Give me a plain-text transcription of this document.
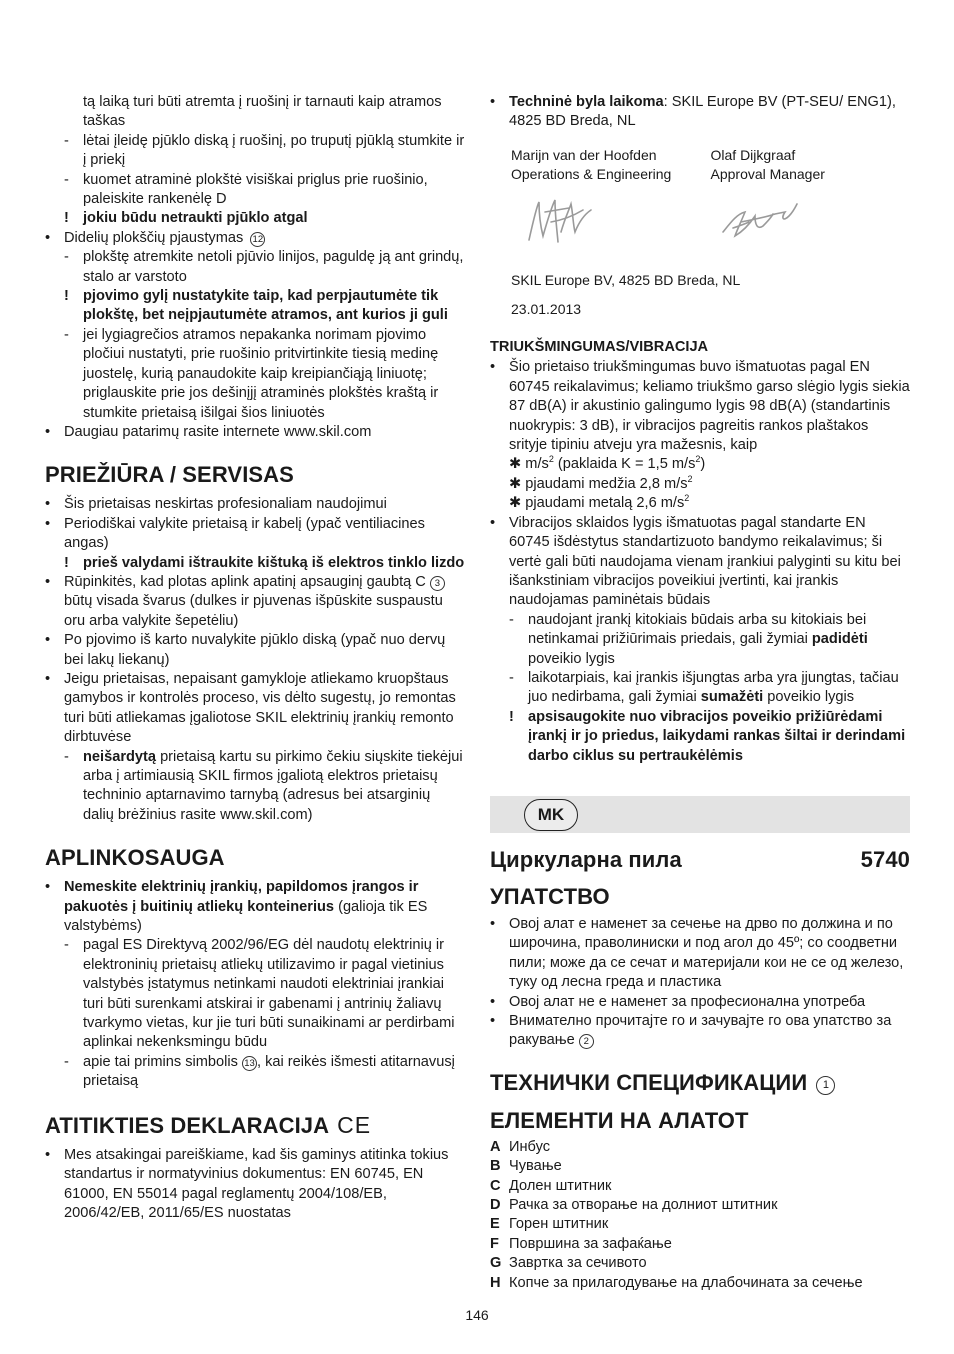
tą laiką turi būti atremta į ruošinį ir tarnauti kaip atramos taškas
- lėtai įleidę pjūklo diską į ruošinį, po truputį pjūklą stumkite ir į priekį
- kuomet atraminė plokštė visiškai priglus prie ruošinio, paleiskite rankenėlę D
! jokiu būdu netraukti pjūklo atgal
• Didelių plokščių pjaustymas 12
- plokštę atremkite netoli pjūvio linijos, paguldę ją ant grindų, stalo ar varstoto
! pjovimo gylį nustatykite taip, kad perpjautumėte tik plokštę, bet neįpjautumėte atramos, ant kurios ji guli
- jei lygiagrečios atramos nepakanka norimam pjovimo pločiui nustatyti, prie ruošinio pritvirtinkite tiesią medinę juostelę, kurią panaudokite kaip kreipiančiąją liniuotę; priglauskite prie jos dešinįjį atraminės plokštės kraštą ir stumkite prietaisą išilgai šios liniuotės
• Daugiau patarimų rasite internete www.skil.com
PRIEŽIŪRA / SERVISAS
• Šis prietaisas neskirtas profesionaliam naudojimui
• Periodiškai valykite prietaisą ir kabelį (ypač ventiliacines angas)
! prieš valydami ištraukite kištuką iš elektros tinklo lizdo
• Rūpinkitės, kad plotas aplink apatinį apsauginį gaubtą C 3būtų visada švarus (dulkes ir pjuvenas išpūskite suspaustu oru arba valykite šepetėliu)
• Po pjovimo iš karto nuvalykite pjūklo diską (ypač nuo dervų bei lakų liekanų)
• Jeigu prietaisas, nepaisant gamykloje atliekamo kruopštaus gamybos ir kontrolės proceso, vis dėlto sugestų, jo remontas turi būti atliekamas įgaliotose SKIL elektrinių įrankių remonto dirbtuvėse
- neišardytą prietaisą kartu su pirkimo čekiu siųskite tiekėjui arba į artimiausią SKIL firmos įgaliotą elektros prietaisų techninio aptarnavimo tarnybą (adresus bei atsarginių dalių brėžinius rasite www.skil.com)
APLINKOSAUGA
• Nemeskite elektrinių įrankių, papildomos įrangos ir pakuotės į buitinių atliekų konteinerius (galioja tik ES valstybėms)
- pagal ES Direktyvą 2002/96/EG dėl naudotų elektrinių ir elektroninių prietaisų atliekų utilizavimo ir pagal vietinius valstybės įstatymus netinkami naudoti elektriniai įrankiai turi būti surenkami atskirai ir gabenami į antrinių žaliavų tvarkymo vietas, kur jie turi būti sunaikinami ar perdirbami aplinkai nekenksmingu būdu
- apie tai primins simbolis 13 , kai reikės išmesti atitarnavusį prietaisą
ATITIKTIES DEKLARACIJA CE
• Mes atsakingai pareiškiame, kad šis gaminys atitinka tokius standartus ir normatyvinius dokumentus: EN 60745, EN 61000, EN 55014 pagal reglamentų 2004/108/EB, 2006/42/EB, 2011/65/ES nuostatas
• Techninė byla laikoma: SKIL Europe BV (PT-SEU/ ENG1), 4825 BD Breda, NL
Marijn van der Hoofden
Operations & Engineering
Olaf Dijkgraaf
Approval Manager
SKIL Europe BV, 4825 BD Breda, NL
23.01.2013
TRIUKŠMINGUMAS/VIBRACIJA
• Šio prietaiso triukšmingumas buvo išmatuotas pagal EN 60745 reikalavimus; keliamo triukšmo garso slėgio lygis siekia 87 dB(A) ir akustinio galingumo lygis 98 dB(A) (standartinis nuokrypis: 3 dB), ir vibracijos pagreitis rankos plaštakos srityje tipiniu atveju yra mažesnis, kaip
✱ $m/s^2$ (paklaida K = 1,5 $m/s^2$)
✱ pjaudami medžia 2,8 $m/s^2$
✱ pjaudami metalą 2,6 $m/s^2$
• Vibracijos sklaidos lygis išmatuotas pagal standarte EN 60745 išdėstytus standartizuoto bandymo reikalavimus; ši vertė gali būti naudojama vienam įrankiui palyginti su kitu bei išankstiniam vibracijos poveikiui įvertinti, kai įrankis naudojamas paminėtais būdais
- naudojant įrankį kitokiais būdais arba su kitokiais bei netinkamai prižiūrimais priedais, gali žymiai padidėti poveikio lygis
- laikotarpiais, kai įrankis išjungtas arba yra įjungtas, tačiau juo nedirbama, gali žymiai sumažėti poveikio lygis
! apsisaugokite nuo vibracijos poveikio prižiūrėdami įrankį ir jo priedus, laikydami rankas šiltai ir derindami darbo ciklus su pertraukėlėmis
MK
Циркуларна пила	5740
УПАТСТВО
• Овој алат е наменет за сечење на дрво по должина и по широчина, праволиниски и под агол до 45º; со соодветни пили; може да се сечат и материјали кои не се од железо, туку од лесна греда и пластика
• Овој алат не е наменет за професионална употреба
• Внимателно прочитајте го и зачувајте го ова упатство за ракување 2
ТЕХНИЧКИ СПЕЦИФИКАЦИИ 1
ЕЛЕМЕНТИ НА АЛАТОТ
A Инбус
B Чување
C Долен штитник
D Рачка за отворање на долниот штитник
E Горен штитник
F Површина за зафаќање
G Завртка за сечивото
H Копче за прилагодување на длабочината за сечење
146
